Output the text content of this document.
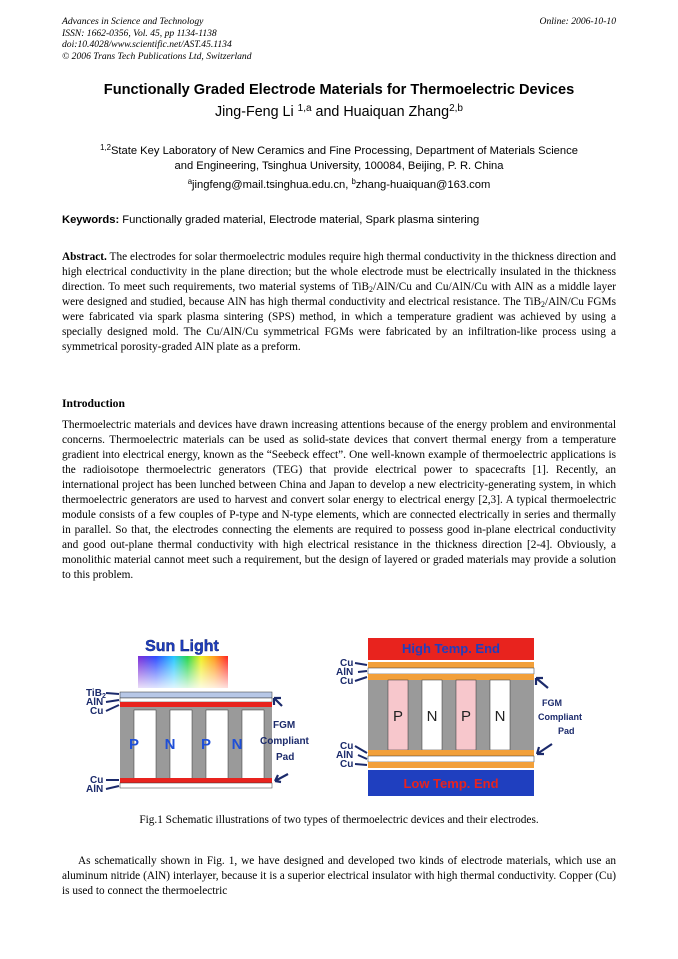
Advances in Science and Technology
ISSN: 1662-0356, Vol. 45, pp 1134-1138
doi:10.4028/www.scientific.net/AST.45.1134
© 2006 Trans Tech Publications Ltd, Switzerland
Online: 2006-10-10
Functionally Graded Electrode Materials for Thermoelectric Devices
Jing-Feng Li $^{1,a}$ and Huaiquan Zhang$^{2,b}$
$^{1,2}$State Key Laboratory of New Ceramics and Fine Processing, Department of Materials Science
and Engineering, Tsinghua University, 100084, Beijing, P. R. China
$^a$jingfeng@mail.tsinghua.edu.cn, $^b$zhang-huaiquan@163.com
Keywords: Functionally graded material, Electrode material, Spark plasma sintering
Abstract. The electrodes for solar thermoelectric modules require high thermal conductivity in the thickness direction and high electrical conductivity in the plane direction; but the whole electrode must be electrically insulated in the thickness direction. To meet such requirements, two material systems of TiB$_2$/AlN/Cu and Cu/AlN/Cu with AlN as a middle layer were designed and studied, because AlN has high thermal conductivity and electrical resistance. The TiB$_2$/AlN/Cu FGMs were fabricated via spark plasma sintering (SPS) method, in which a temperature gradient was achieved by using a specially designed mold. The Cu/AlN/Cu symmetrical FGMs were fabricated by an infiltration-like process using a symmetrical porosity-graded AlN plate as a preform.
Introduction
Thermoelectric materials and devices have drawn increasing attentions because of the energy problem and environmental concerns. Thermoelectric materials can be used as solid-state devices that convert thermal energy from a temperature gradient into electrical energy, known as the “Seebeck effect”. One well-known example of thermoelectric applications is the radioisotope thermoelectric generators (TEG) that provide electrical power to spacecrafts [1]. Recently, an international project has been lunched between China and Japan to develop a new electricity-generating system, in which thermoelectric generators are used to harvest and convert solar energy to electrical energy [2,3]. A typical thermoelectric module consists of a few couples of P-type and N-type elements, which are connected electrically in series and thermally in parallel. So that, the electrodes connecting the elements are required to possess good in-plane electrical conductivity and good out-plane thermal conductivity with high electrical resistance in the thickness direction [2-4]. Obviously, a monolithic material cannot meet such a requirement, but the design of layered or graded materials may provide a solution to this problem.
Sun Light
P N P N
TiB$_2$
AlN
Cu
Cu
AlN
FGM
Compliant
Pad
High Temp. End
P N P N
Low Temp. End
Cu
AlN
Cu
Cu
AlN
Cu
FGM
Compliant
Pad
Fig.1 Schematic illustrations of two types of thermoelectric devices and their electrodes.
As schematically shown in Fig. 1, we have designed and developed two kinds of electrode materials, which use an aluminum nitride (AlN) interlayer, because it is a superior electrical insulator with high thermal conductivity. Copper (Cu) is used to connect the thermoelectric
